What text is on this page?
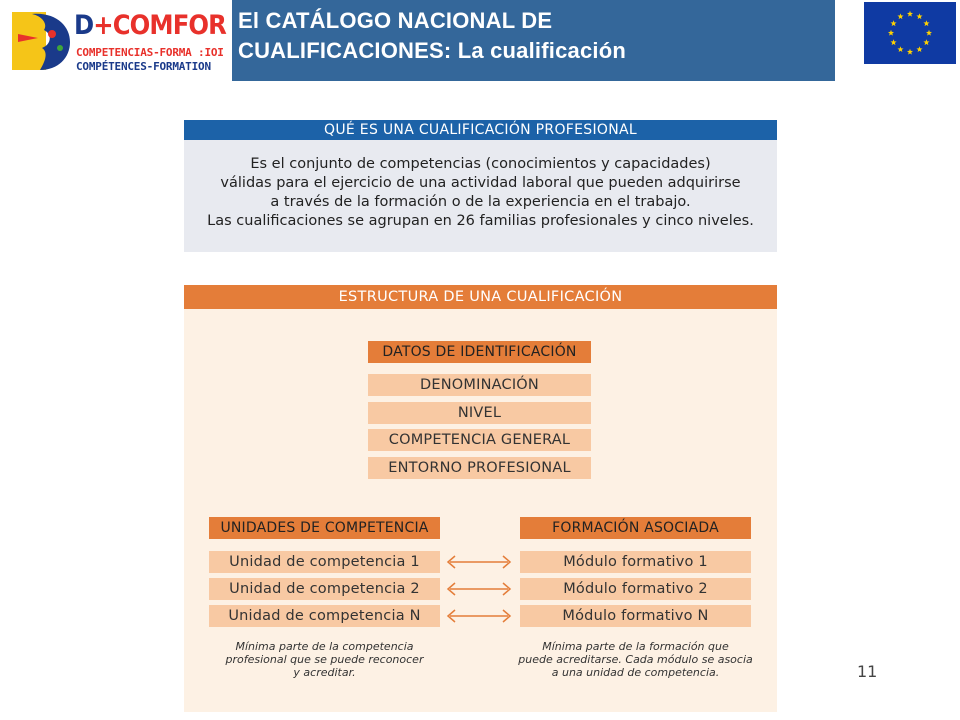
D+COMFOR
COMPETENCIAS-FORMA :IOI
COMPÉTENCES-FORMATION
El CATÁLOGO NACIONAL DE
CUALIFICACIONES: La cualificación
QUÉ ES UNA CUALIFICACIÓN PROFESIONAL
Es el conjunto de competencias (conocimientos y capacidades)
válidas para el ejercicio de una actividad laboral que pueden adquirirse
a través de la formación o de la experiencia en el trabajo.
Las cualificaciones se agrupan en 26 familias profesionales y cinco niveles.
ESTRUCTURA DE UNA CUALIFICACIÓN
DATOS DE IDENTIFICACIÓN
DENOMINACIÓN
NIVEL
COMPETENCIA GENERAL
ENTORNO PROFESIONAL
UNIDADES DE COMPETENCIA
Unidad de competencia 1
Unidad de competencia 2
Unidad de competencia N
Mínima parte de la competencia
profesional que se puede reconocer
y acreditar.
FORMACIÓN ASOCIADA
Módulo formativo 1
Módulo formativo 2
Módulo formativo N
Mínima parte de la formación que
puede acreditarse. Cada módulo se asocia
a una unidad de competencia.	11
